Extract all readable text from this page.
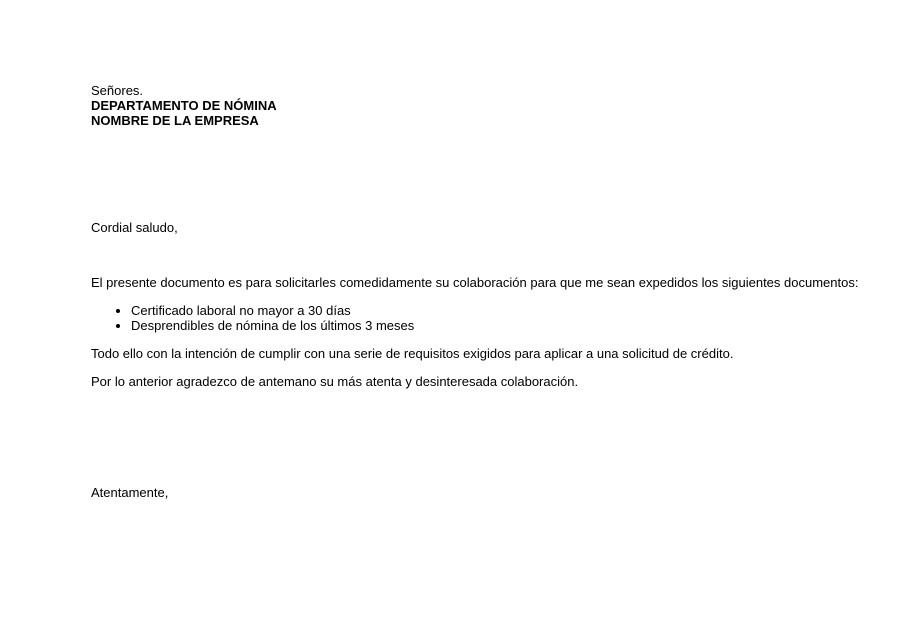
Señores.
DEPARTAMENTO DE NÓMINA
NOMBRE DE LA EMPRESA
Cordial saludo,
El presente documento es para solicitarles comedidamente su colaboración para que me sean expedidos los siguientes documentos:
• Certificado laboral no mayor a 30 días
• Desprendibles de nómina de los últimos 3 meses
Todo ello con la intención de cumplir con una serie de requisitos exigidos para aplicar a una solicitud de crédito.
Por lo anterior agradezco de antemano su más atenta y desinteresada colaboración.
Atentamente,
